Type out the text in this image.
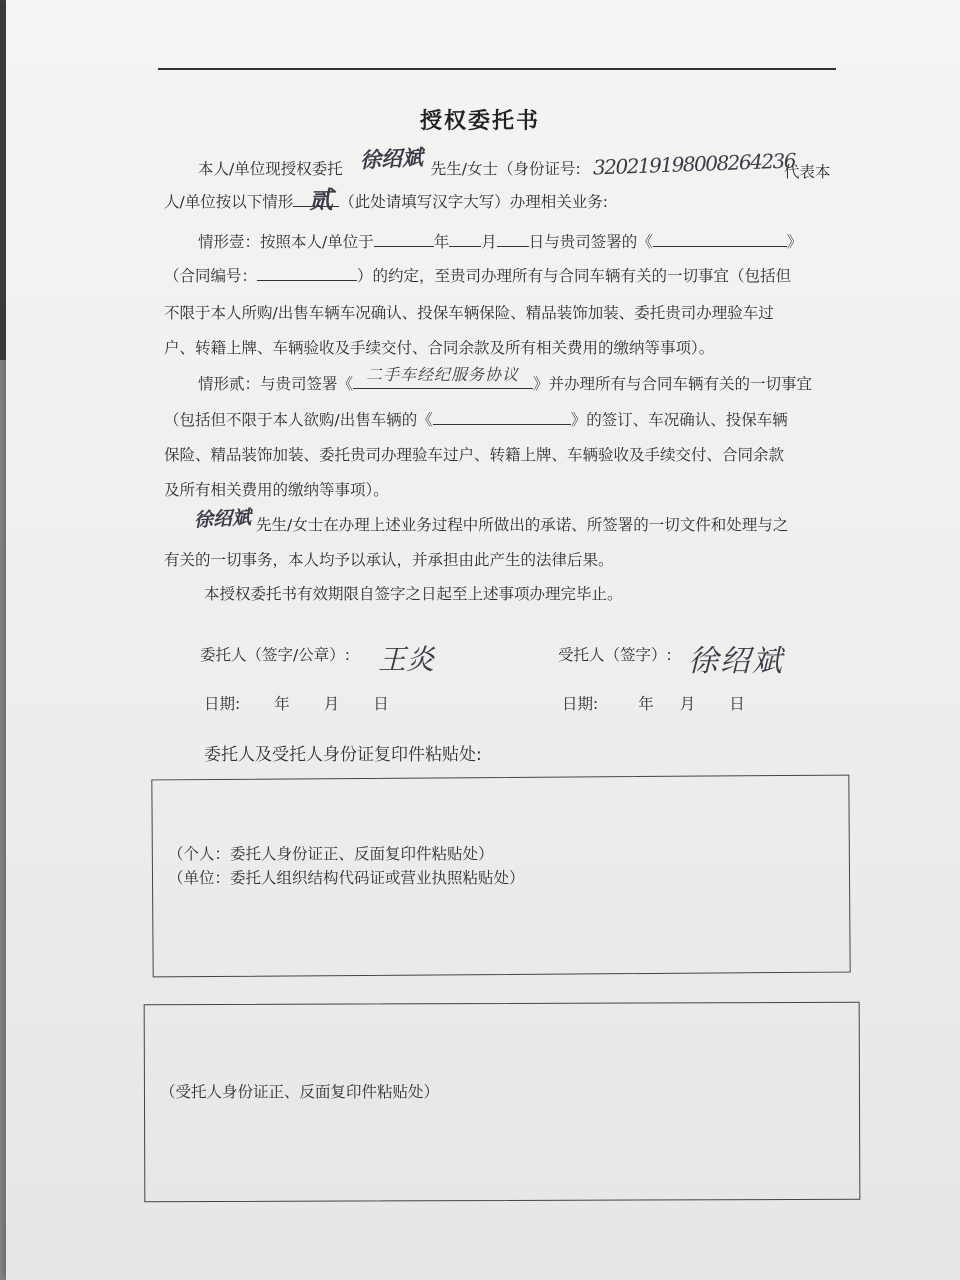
授权委托书
本人/单位现授权委托	先生/女士（身份证号:	代表本
人/单位按以下情形	（此处请填写汉字大写）办理相关业务:
徐绍斌	320219198008264236
贰
情形壹：按照本人/单位于	年 月 日与贵司签署的《	》
（合同编号：	）的约定，至贵司办理所有与合同车辆有关的一切事宜（包括但
不限于本人所购/出售车辆车况确认、投保车辆保险、精品装饰加装、委托贵司办理验车过
户、转籍上牌、车辆验收及手续交付、合同余款及所有相关费用的缴纳等事项）。
情形贰：与贵司签署《	》并办理所有与合同车辆有关的一切事宜
二手车经纪服务协议
（包括但不限于本人欲购/出售车辆的《	》的签订、车况确认、投保车辆
保险、精品装饰加装、委托贵司办理验车过户、转籍上牌、车辆验收及手续交付、合同余款
及所有相关费用的缴纳等事项）。
徐绍斌 先生/女士在办理上述业务过程中所做出的承诺、所签署的一切文件和处理与之
有关的一切事务，本人均予以承认，并承担由此产生的法律后果。
本授权委托书有效期限自签字之日起至上述事项办理完毕止。
委托人（签字/公章）: 王炎	受托人（签字）: 徐绍斌
日期: 年 月 日	日期:	年 月 日
委托人及受托人身份证复印件粘贴处:
（个人：委托人身份证正、反面复印件粘贴处）
（单位：委托人组织结构代码证或营业执照粘贴处）
（受托人身份证正、反面复印件粘贴处）
